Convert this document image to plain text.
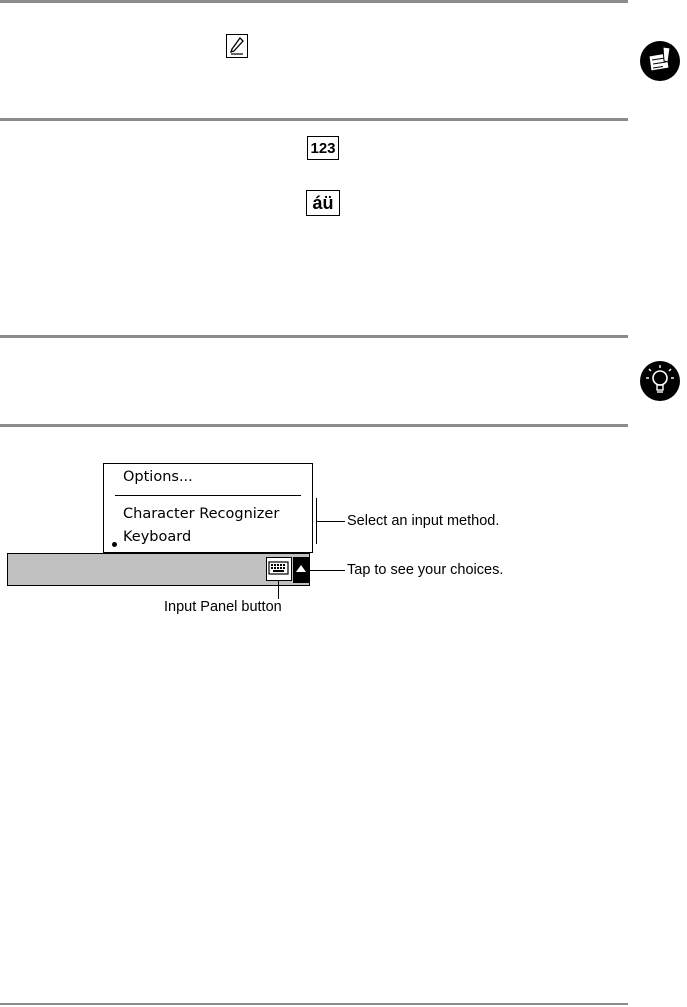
123
áü
Options...
Character Recognizer
Keyboard
Select an input method.
Tap to see your choices.
Input Panel button
